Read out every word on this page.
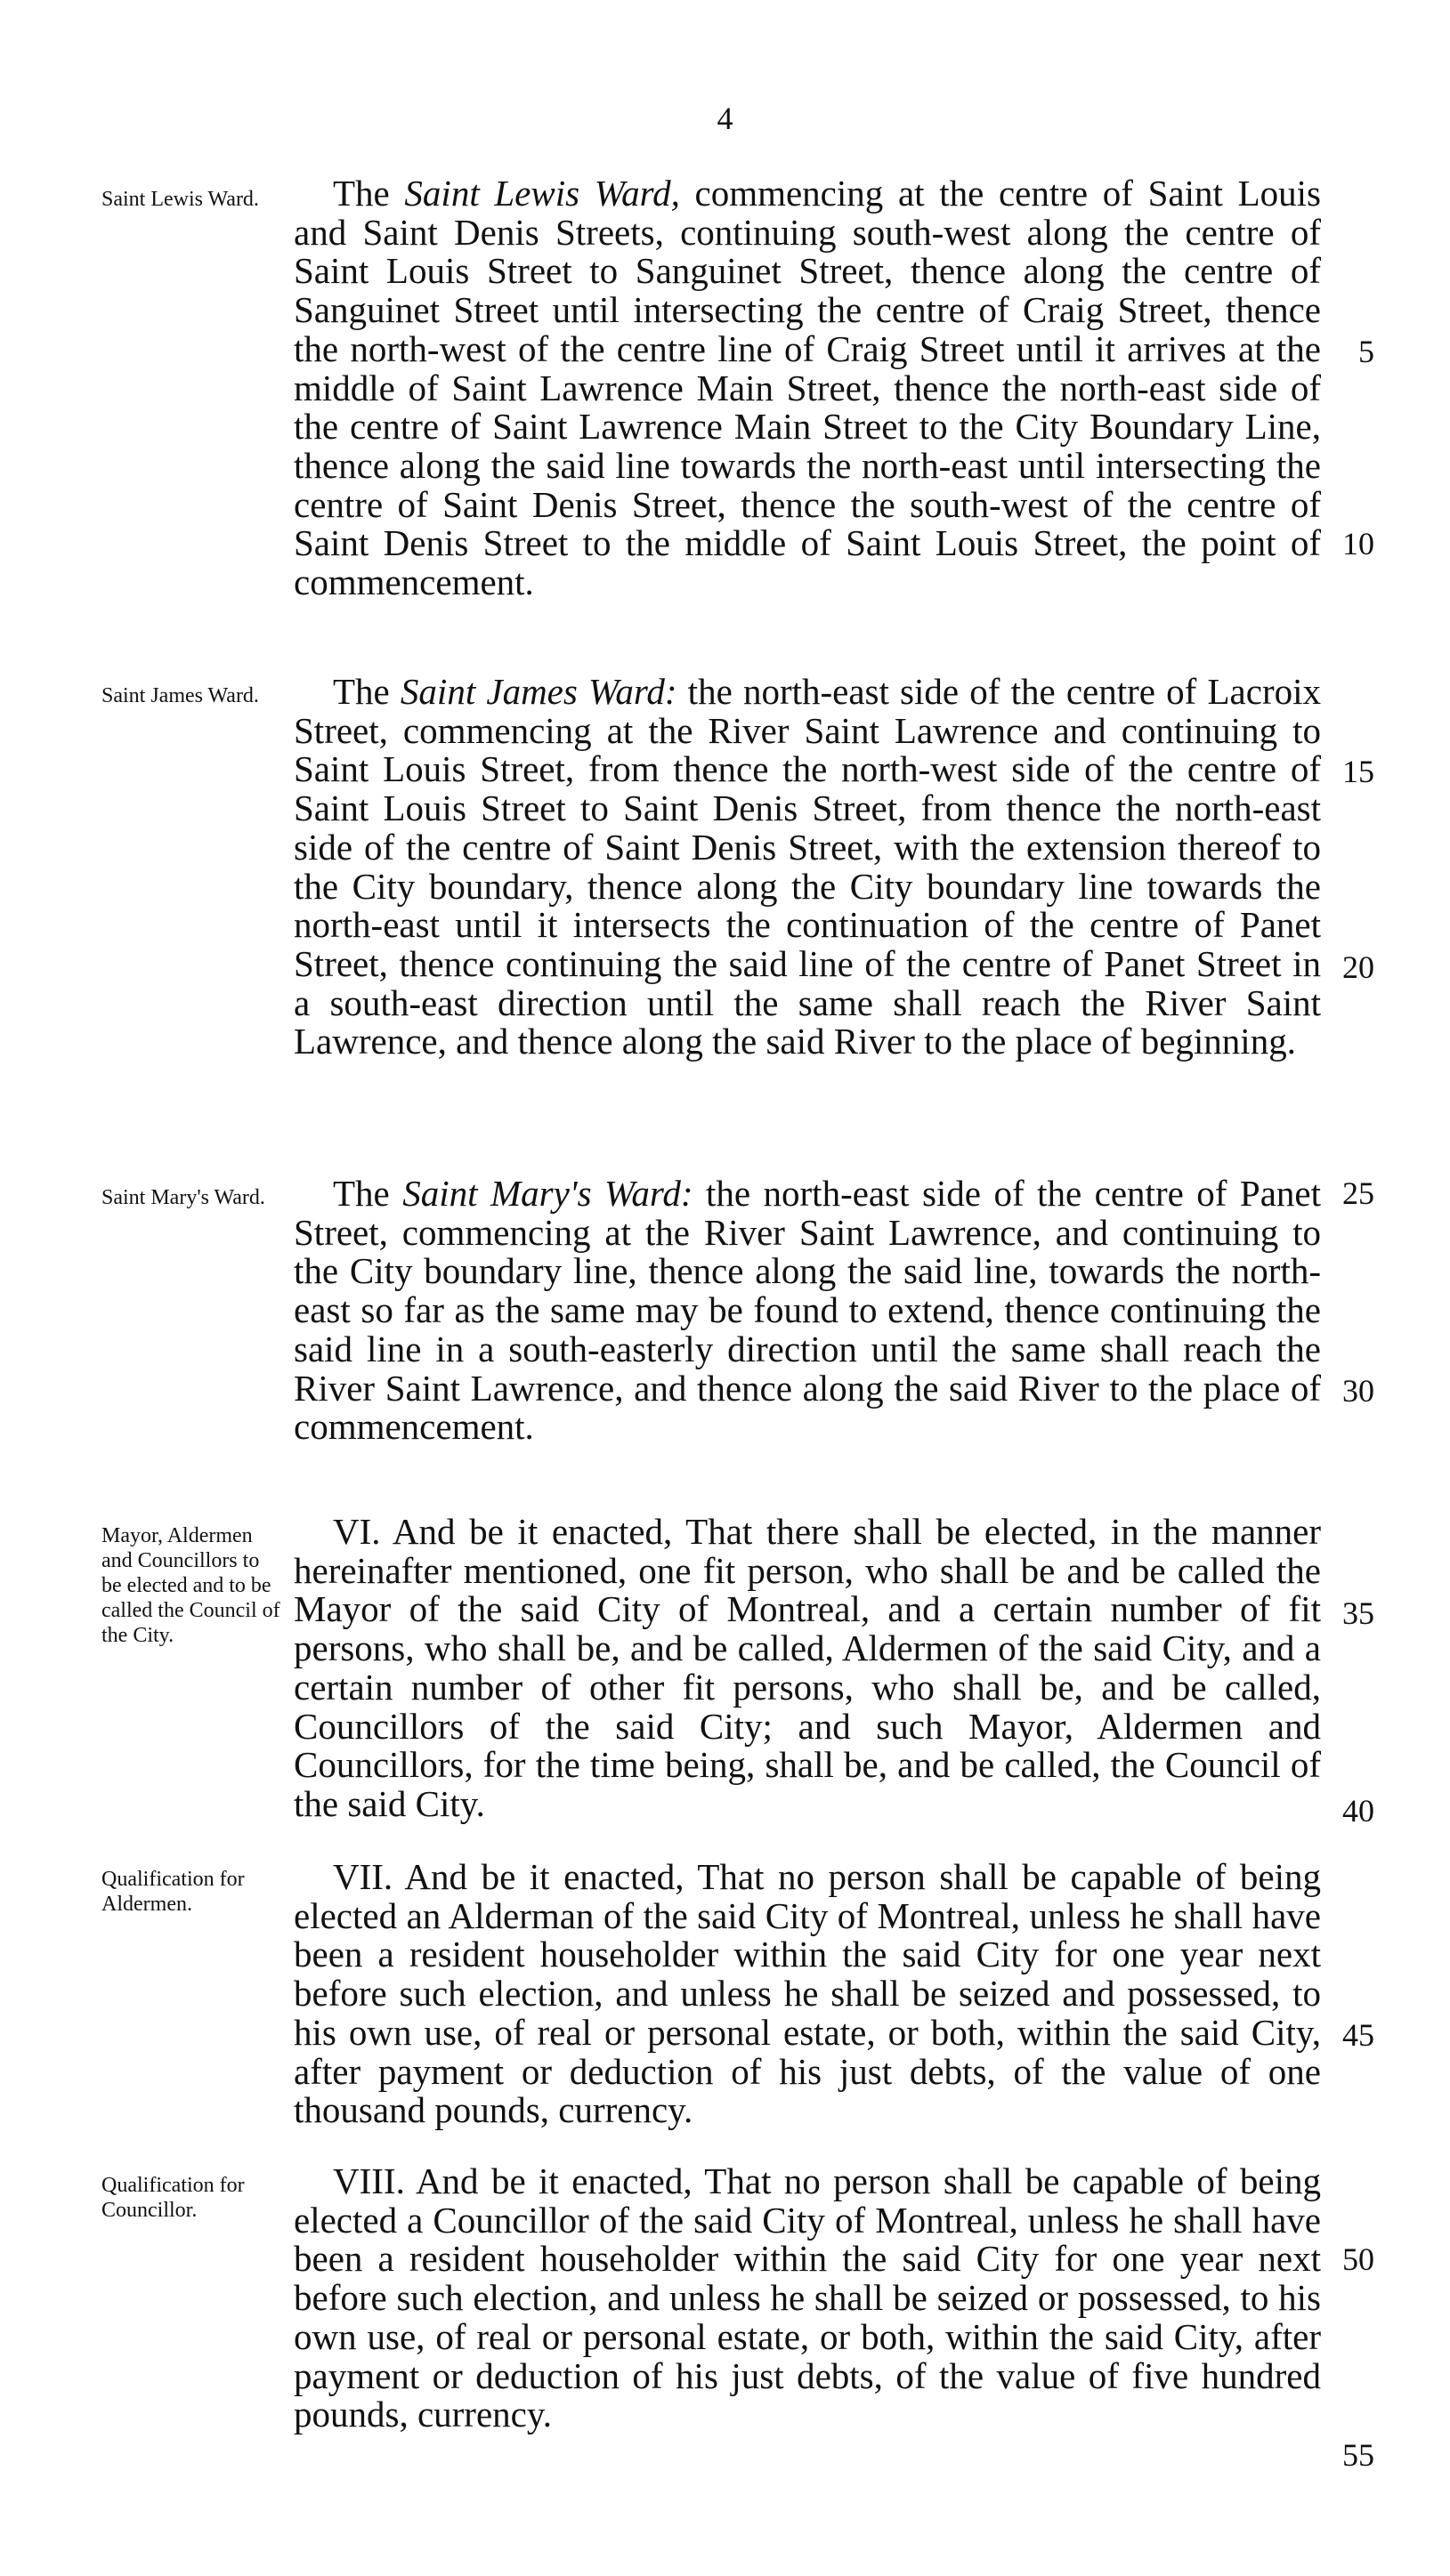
4
Saint Lewis Ward.	The Saint Lewis Ward, commencing at the centre of Saint Louis and Saint Denis Streets, continuing south-west along the centre of Saint Louis Street to Sanguinet Street, thence along the centre of Sanguinet Street until intersecting the centre of Craig Street, thence the north-west of the centre line of Craig Street until it arrives at the middle of Saint Lawrence Main Street, thence the north-east side of the centre of Saint Lawrence Main Street to the City Boundary Line, thence along the said line towards the north-east until intersecting the centre of Saint Denis Street, thence the south-west of the centre of Saint Denis Street to the middle of Saint Louis Street, the point of commencement.
Saint James Ward.	The Saint James Ward: the north-east side of the centre of Lacroix Street, commencing at the River Saint Lawrence and continuing to Saint Louis Street, from thence the north-west side of the centre of Saint Louis Street to Saint Denis Street, from thence the north-east side of the centre of Saint Denis Street, with the extension thereof to the City boundary, thence along the City boundary line towards the north-east until it intersects the continuation of the centre of Panet Street, thence continuing the said line of the centre of Panet Street in a south-east direction until the same shall reach the River Saint Lawrence, and thence along the said River to the place of beginning.
Saint Mary's Ward.	The Saint Mary's Ward: the north-east side of the centre of Panet Street, commencing at the River Saint Lawrence, and continuing to the City boundary line, thence along the said line, towards the north-east so far as the same may be found to extend, thence continuing the said line in a south-easterly direction until the same shall reach the River Saint Lawrence, and thence along the said River to the place of commencement.
Mayor, Aldermen and Councillors to be elected and to be called the Council of the City.
VI. And be it enacted, That there shall be elected, in the manner hereinafter mentioned, one fit person, who shall be and be called the Mayor of the said City of Montreal, and a certain number of fit persons, who shall be, and be called, Aldermen of the said City, and a certain number of other fit persons, who shall be, and be called, Councillors of the said City; and such Mayor, Aldermen and Councillors, for the time being, shall be, and be called, the Council of the said City.
Qualification for Aldermen.
VII. And be it enacted, That no person shall be capable of being elected an Alderman of the said City of Montreal, unless he shall have been a resident householder within the said City for one year next before such election, and unless he shall be seized and possessed, to his own use, of real or personal estate, or both, within the said City, after payment or deduction of his just debts, of the value of one thousand pounds, currency.
Qualification for Councillor.
VIII. And be it enacted, That no person shall be capable of being elected a Councillor of the said City of Montreal, unless he shall have been a resident householder within the said City for one year next before such election, and unless he shall be seized or possessed, to his own use, of real or personal estate, or both, within the said City, after payment or deduction of his just debts, of the value of five hundred pounds, currency.
5
10
15
20
25
30
35
40
45
50
55
